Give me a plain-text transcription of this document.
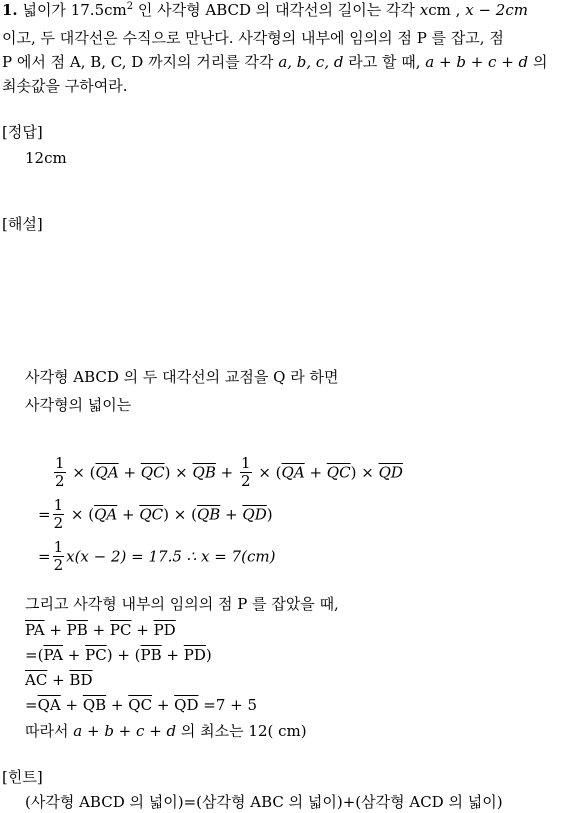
1. 넓이가 $17.5cm^2$ 인 사각형 ABCD 의 대각선의 길이는 각각 xcm , x − 2cm
이고, 두 대각선은 수직으로 만난다. 사각형의 내부에 임의의 점 P 를 잡고, 점
P 에서 점 A, B, C, D 까지의 거리를 각각 a, b, c, d 라고 할 때, a + b + c + d 의
최솟값을 구하여라.
[정답]
12cm
[해설]
사각형 ABCD 의 두 대각선의 교점을 Q 라 하면
사각형의 넓이는
$\frac{1}{2} \times (\overline{QA} + \overline{QC}) \times \overline{QB} + \frac{1}{2} \times (\overline{QA} + \overline{QC}) \times \overline{QD}$
= $\frac{1}{2} \times (\overline{QA} + \overline{QC}) \times (\overline{QB} + \overline{QD})$
= $\frac{1}{2} x(x - 2) = 17.5$ ∴ x = 7(cm)
그리고 사각형 내부의 임의의 점 P 를 잡았을 때,
$\overline{PA} + \overline{PB} + \overline{PC} + \overline{PD}$
$=(\overline{PA} + \overline{PC}) + (\overline{PB} + \overline{PD})$
$\overline{AC} + \overline{BD}$
$=\overline{QA} + \overline{QB} + \overline{QC} + \overline{QD} =7 + 5$
따라서 a + b + c + d 의 최소는 12( cm)
[힌트]
(사각형 ABCD 의 넓이)=(삼각형 ABC 의 넓이)+(삼각형 ACD 의 넓이)
